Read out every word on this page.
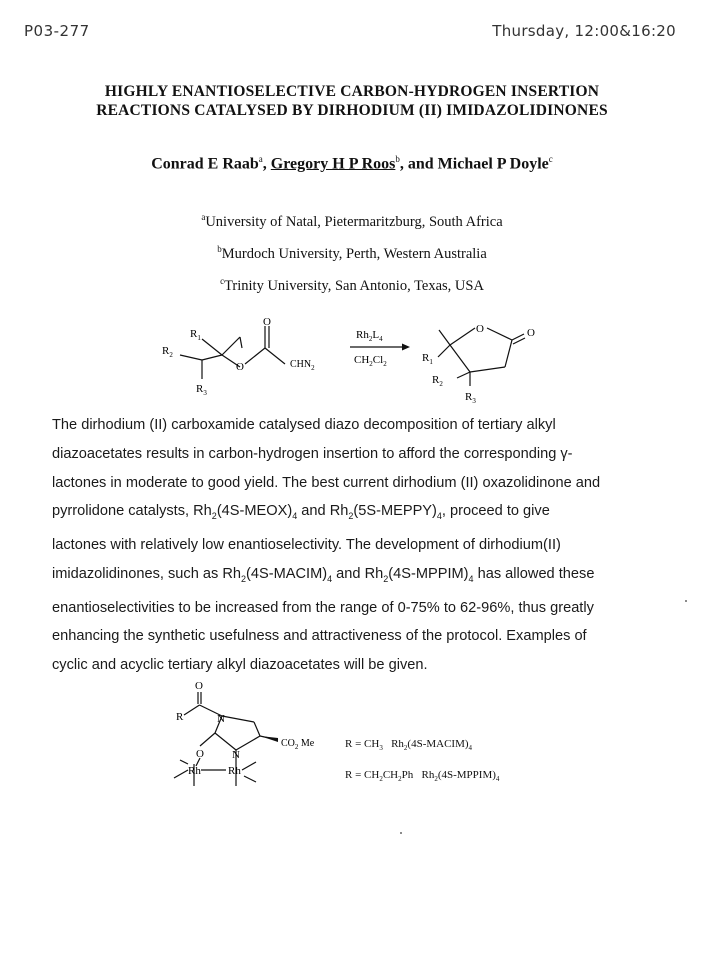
P03-277	Thursday, 12:00&16:20
HIGHLY ENANTIOSELECTIVE CARBON-HYDROGEN INSERTION
REACTIONS CATALYSED BY DIRHODIUM (II) IMIDAZOLIDINONES
Conrad E Raab$^a$, Gregory H P Roos$^b$, and Michael P Doyle$^c$
$^a$University of Natal, Pietermaritzburg, South Africa
$^b$Murdoch University, Perth, Western Australia
$^c$Trinity University, San Antonio, Texas, USA
$R_1$
$R_2$
$R_3$
O
O
$CHN_2$
$Rh_2L_4$
$CH_2Cl_2$
O	O
$R_1$
$R_2$
$R_3$

The dirhodium (II) carboxamide catalysed diazo decomposition of tertiary alkyl
diazoacetates results in carbon-hydrogen insertion to afford the corresponding γ-
lactones in moderate to good yield. The best current dirhodium (II) oxazolidinone and
pyrrolidone catalysts, $Rh_2(4S-MEOX)_4$ and $Rh_2(5S-MEPPY)_4$, proceed to give
lactones with relatively low enantioselectivity. The development of dirhodium(II)
imidazolidinones, such as $Rh_2(4S-MACIM)_4$ and $Rh_2(4S-MPPIM)_4$ has allowed these
enantioselectivities to be increased from the range of 0-75% to 62-96%, thus greatly
enhancing the synthetic usefulness and attractiveness of the protocol. Examples of
cyclic and acyclic tertiary alkyl diazoacetates will be given.

O
R	N
N
O
$CO_2$ Me
Rh Rh
$R = CH_3$   $Rh_2(4S-MACIM)_4$
$R = CH_2CH_2Ph$   $Rh_2(4S-MPPIM)_4$
